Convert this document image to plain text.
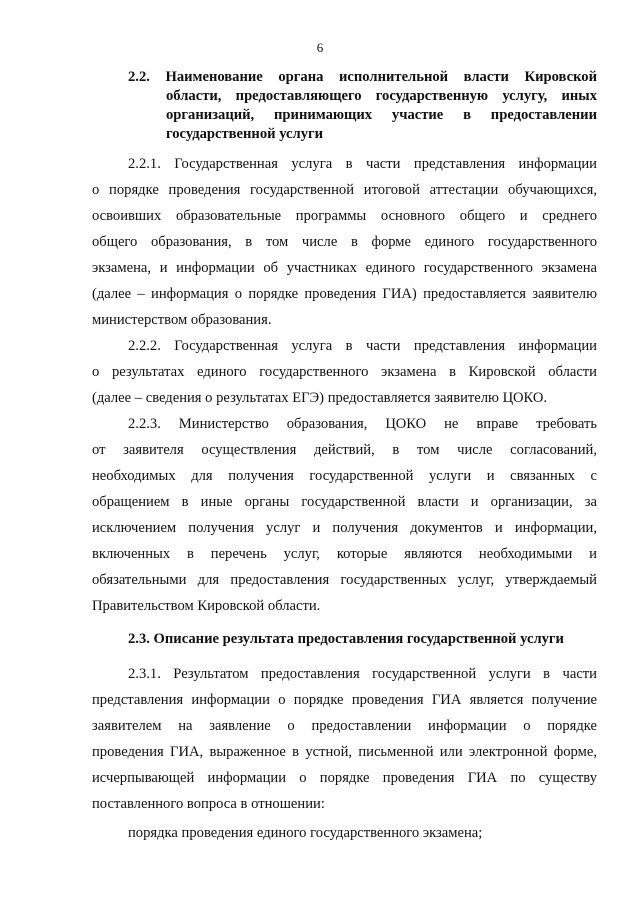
6
2.2. Наименование органа исполнительной власти Кировской
области, предоставляющего государственную услугу, иных
организаций, принимающих участие в предоставлении
государственной услуги
2.2.1. Государственная услуга в части представления информации
о порядке проведения государственной итоговой аттестации обучающихся,
освоивших образовательные программы основного общего и среднего
общего образования, в том числе в форме единого государственного
экзамена, и информации об участниках единого государственного экзамена
(далее – информация о порядке проведения ГИА) предоставляется заявителю
министерством образования.
2.2.2. Государственная услуга в части представления информации
о результатах единого государственного экзамена в Кировской области
(далее – сведения о результатах ЕГЭ) предоставляется заявителю ЦОКО.
2.2.3. Министерство образования, ЦОКО не вправе требовать
от заявителя осуществления действий, в том числе согласований,
необходимых для получения государственной услуги и связанных с
обращением в иные органы государственной власти и организации, за
исключением получения услуг и получения документов и информации,
включенных в перечень услуг, которые являются необходимыми и
обязательными для предоставления государственных услуг, утверждаемый
Правительством Кировской области.
2.3. Описание результата предоставления государственной услуги
2.3.1. Результатом предоставления государственной услуги в части
представления информации о порядке проведения ГИА является получение
заявителем на заявление о предоставлении информации о порядке
проведения ГИА, выраженное в устной, письменной или электронной форме,
исчерпывающей информации о порядке проведения ГИА по существу
поставленного вопроса в отношении:
порядка проведения единого государственного экзамена;
